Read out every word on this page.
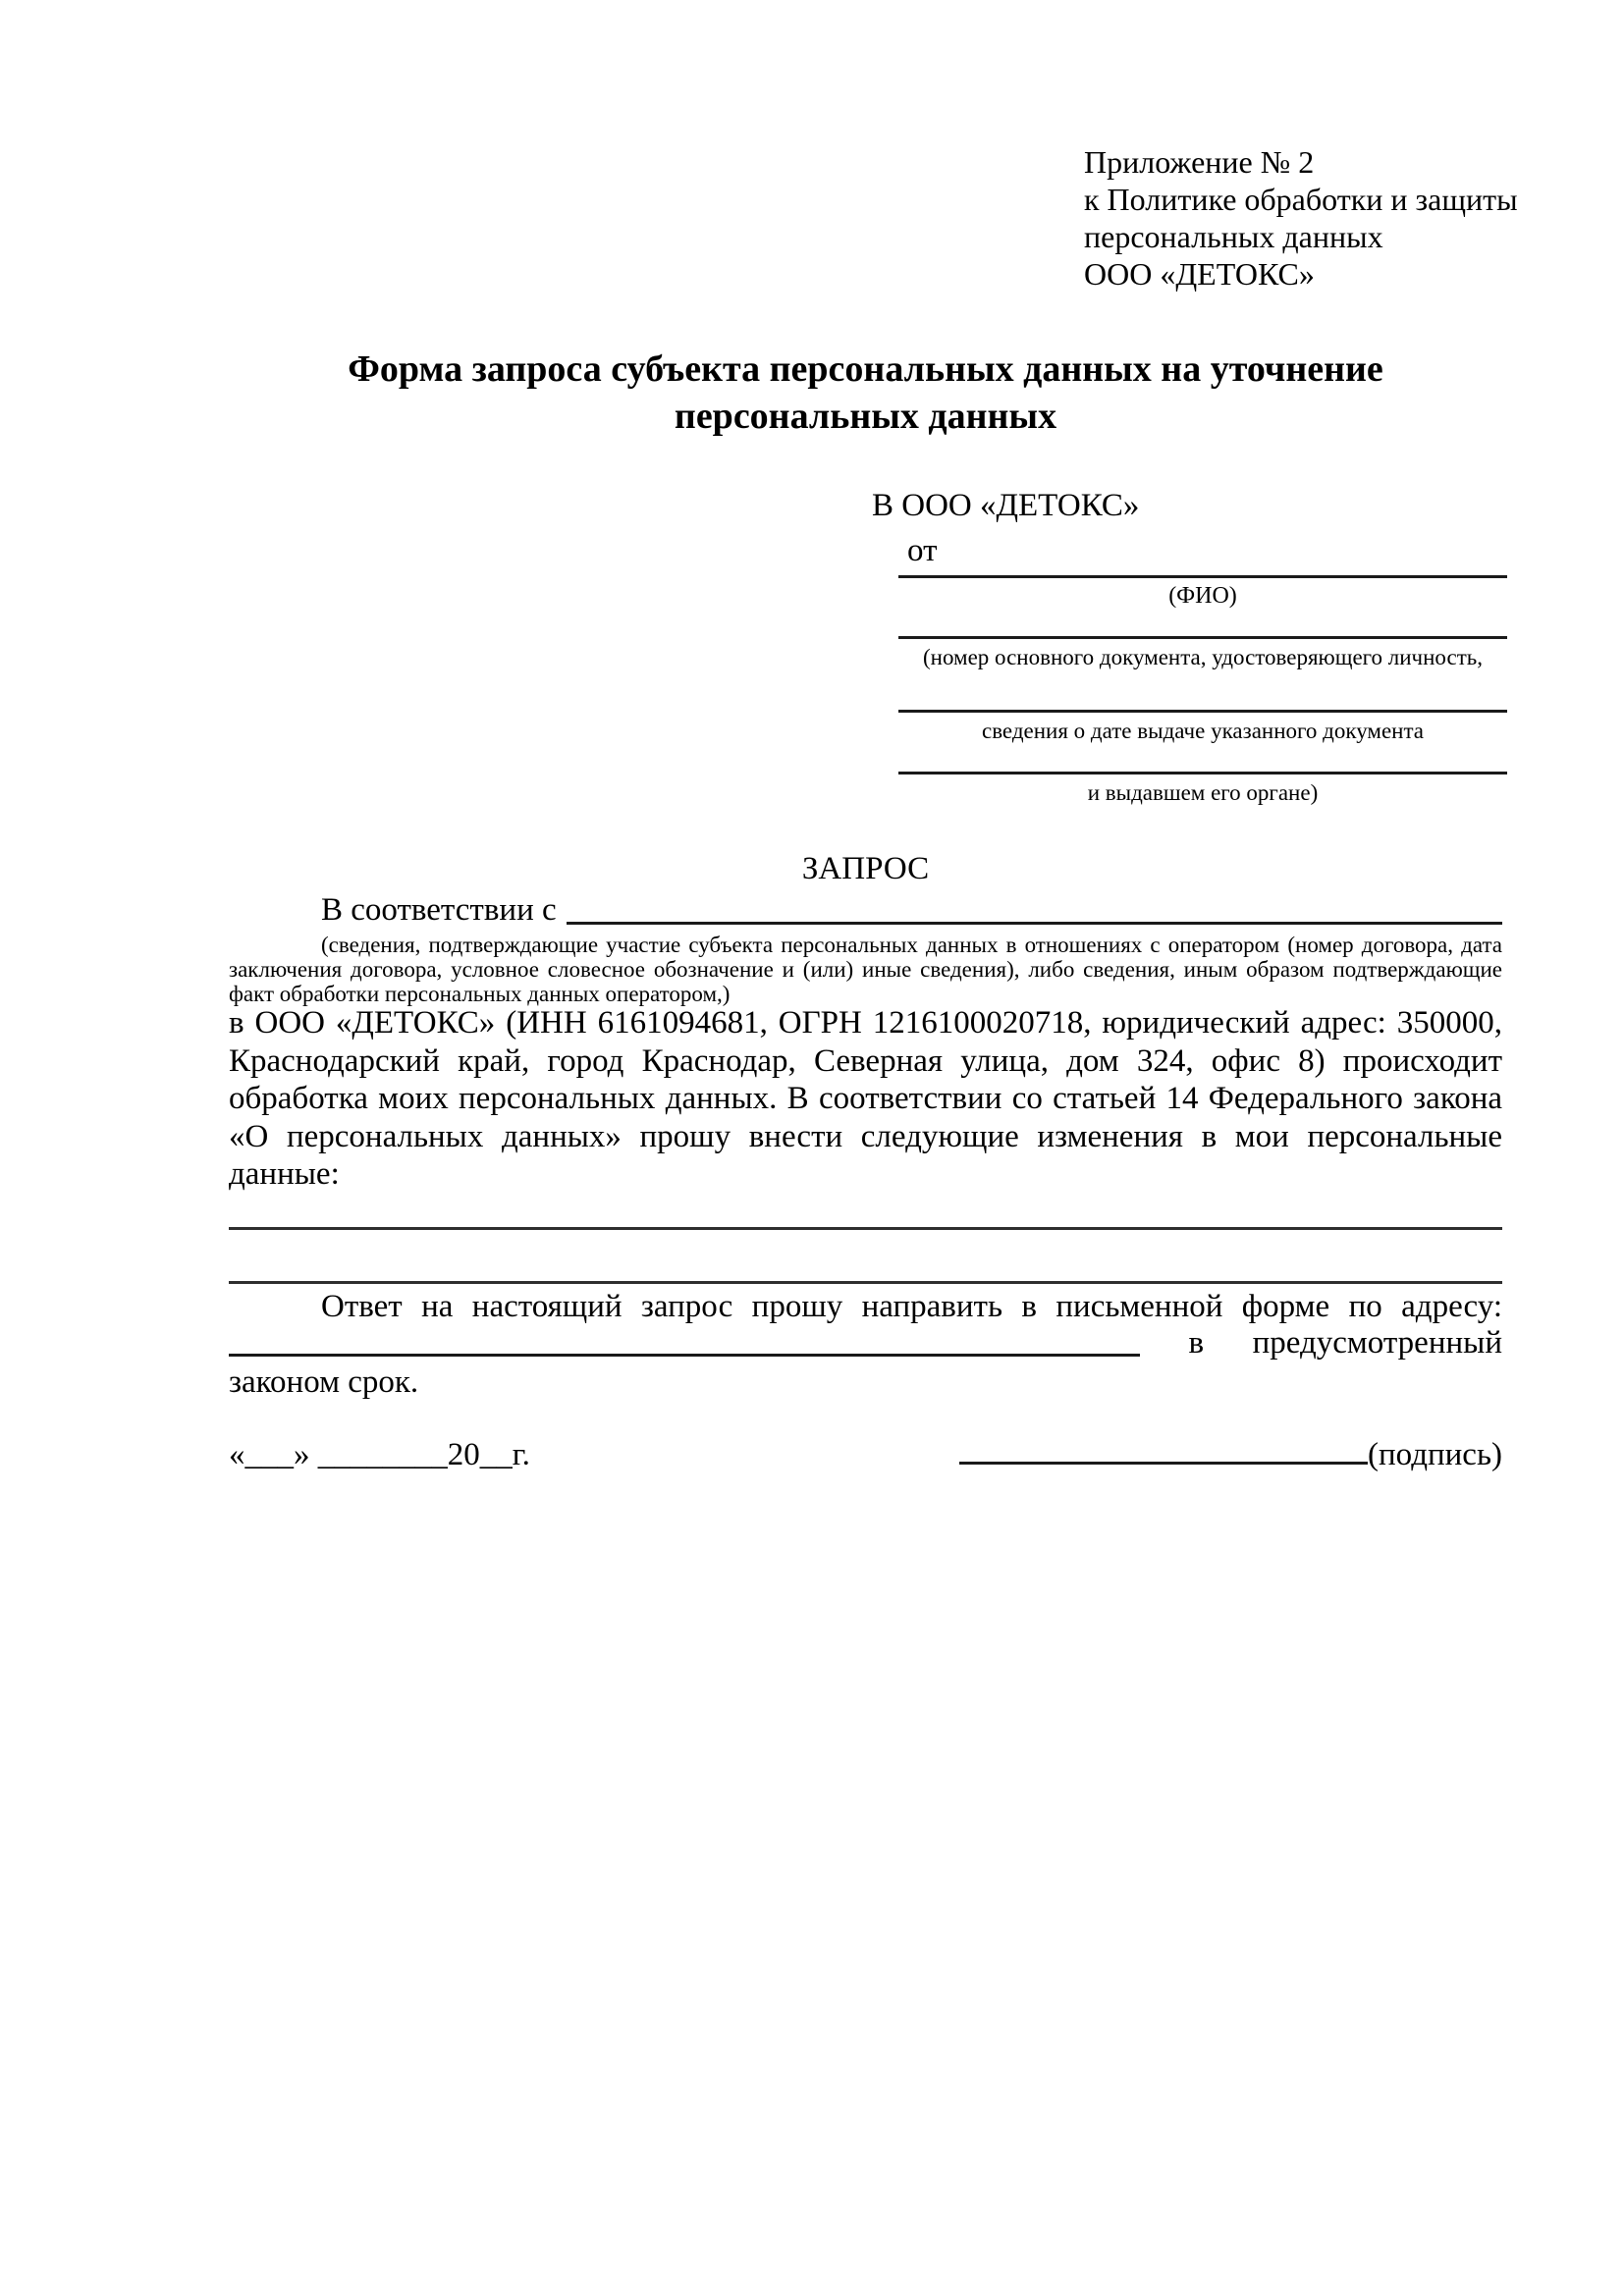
Приложение № 2
к Политике обработки и защиты
персональных данных
ООО «ДЕТОКС»
Форма запроса субъекта персональных данных на уточнение
персональных данных
В ООО «ДЕТОКС»
от
(ФИО)
(номер основного документа, удостоверяющего личность,
сведения о дате выдаче указанного документа
и выдавшем его органе)
ЗАПРОС
В соответствии с
(сведения, подтверждающие участие субъекта персональных данных в отношениях с оператором (номер договора, дата заключения договора, условное словесное обозначение и (или) иные сведения), либо сведения, иным образом подтверждающие факт обработки персональных данных оператором,)
в ООО «ДЕТОКС» (ИНН 6161094681, ОГРН 1216100020718, юридический адрес: 350000, Краснодарский край, город Краснодар, Северная улица, дом 324, офис 8) происходит обработка моих персональных данных. В соответствии со статьей 14 Федерального закона «О персональных данных» прошу внести следующие изменения в мои персональные данные:
Ответ на настоящий запрос прошу направить в письменной форме по адресу:
в предусмотренный
законом срок.
«___» ________20__г.	(подпись)
